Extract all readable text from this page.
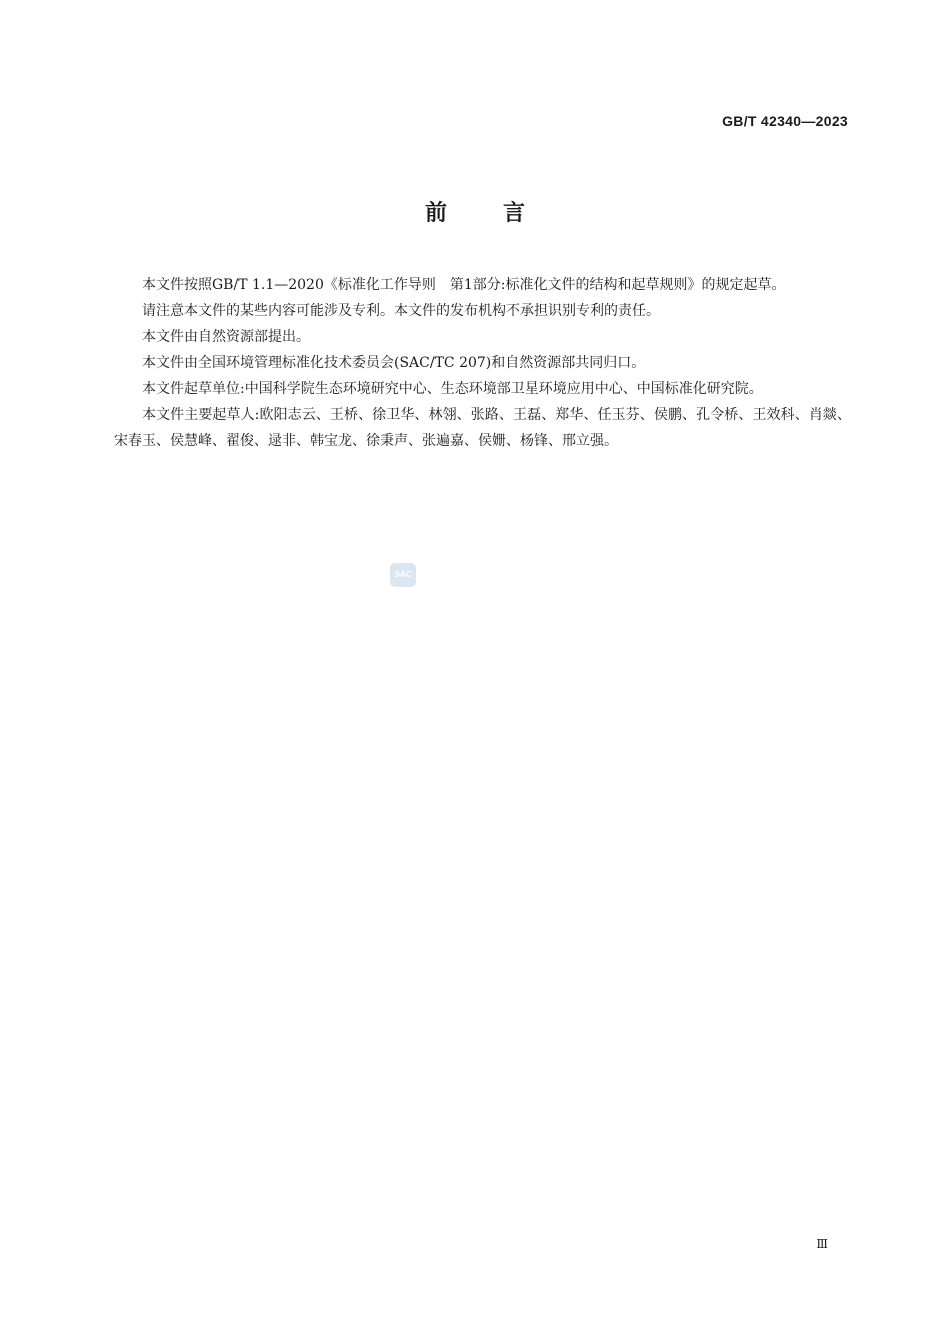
GB/T 42340—2023
前言

本文件按照GB/T 1.1—2020《标准化工作导则　第1部分:标准化文件的结构和起草规则》的规定起草。

请注意本文件的某些内容可能涉及专利。本文件的发布机构不承担识别专利的责任。

本文件由自然资源部提出。

本文件由全国环境管理标准化技术委员会(SAC/TC 207)和自然资源部共同归口。

本文件起草单位:中国科学院生态环境研究中心、生态环境部卫星环境应用中心、中国标准化研究院。

本文件主要起草人:欧阳志云、王桥、徐卫华、林翎、张路、王磊、郑华、任玉芬、侯鹏、孔令桥、王效科、肖燚、宋春玉、侯慧峰、翟俊、逯非、韩宝龙、徐秉声、张遍嘉、侯姗、杨锋、邢立强。

SAC
Ⅲ
